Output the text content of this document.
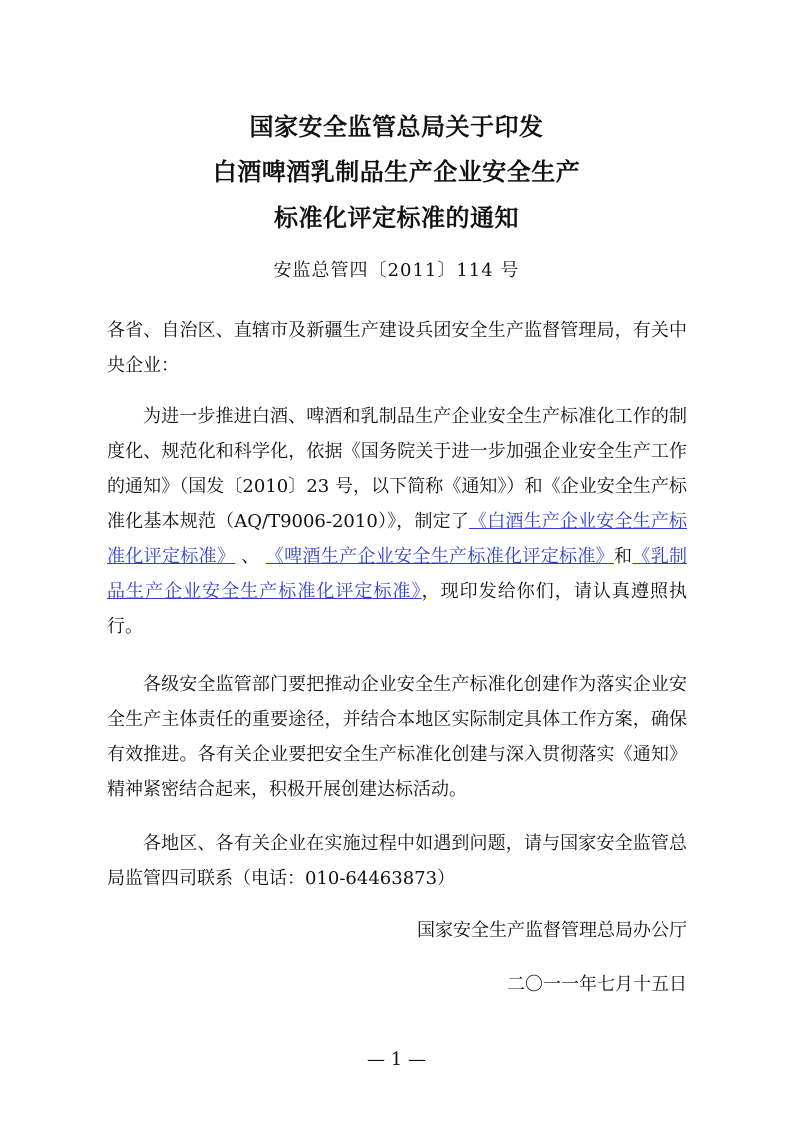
国家安全监管总局关于印发
白酒啤酒乳制品生产企业安全生产
标准化评定标准的通知
安监总管四〔2011〕114 号

各省、自治区、直辖市及新疆生产建设兵团安全生产监督管理局，有关中央企业：

为进一步推进白酒、啤酒和乳制品生产企业安全生产标准化工作的制度化、规范化和科学化，依据《国务院关于进一步加强企业安全生产工作的通知》（国发〔2010〕23 号，以下简称《通知》）和《企业安全生产标准化基本规范（AQ/T9006-2010）》，制定了《白酒生产企业安全生产标准化评定标准》 、 《啤酒生产企业安全生产标准化评定标准》和《乳制品生产企业安全生产标准化评定标准》，现印发给你们，请认真遵照执行。

各级安全监管部门要把推动企业安全生产标准化创建作为落实企业安全生产主体责任的重要途径，并结合本地区实际制定具体工作方案，确保有效推进。各有关企业要把安全生产标准化创建与深入贯彻落实《通知》精神紧密结合起来，积极开展创建达标活动。

各地区、各有关企业在实施过程中如遇到问题，请与国家安全监管总局监管四司联系（电话：010-64463873）

国家安全生产监督管理总局办公厅
二〇一一年七月十五日
— 1 —
